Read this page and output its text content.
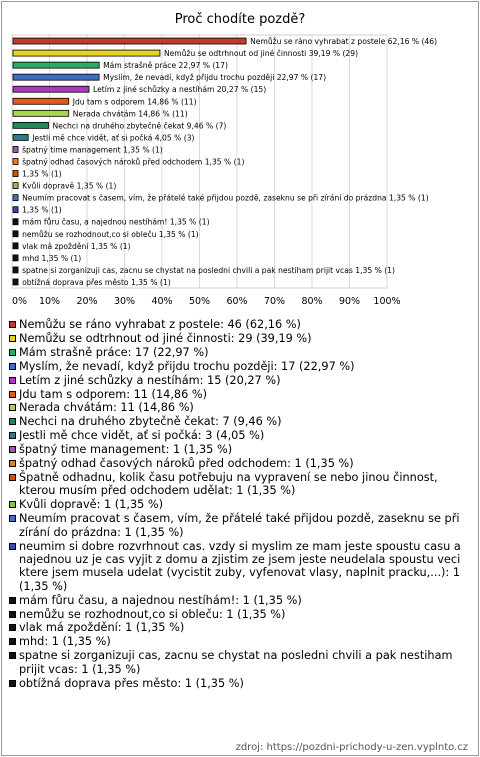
Proč chodíte pozdě?
0% 10% 20% 30% 40% 50% 60% 70% 80% 90% 100%
Nemůžu se ráno vyhrabat z postele 62,16 % (46)
Nemůžu se odtrhnout od jiné činnosti 39,19 % (29)
Mám strašně práce 22,97 % (17)
Myslím, že nevadí, když přijdu trochu později 22,97 % (17)
Letím z jiné schůzky a nestíhám 20,27 % (15)
Jdu tam s odporem 14,86 % (11)
Nerada chvátám 14,86 % (11)
Nechci na druhého zbytečně čekat 9,46 % (7)
Jestli mě chce vidět, ať si počká 4,05 % (3)
špatný time management 1,35 % (1)
špatný odhad časových nároků před odchodem 1,35 % (1)
1,35 % (1)
Kvůli dopravě 1,35 % (1)
Neumím pracovat s časem, vím, že přátelé také přijdou pozdě, zaseknu se při zírání do prázdna 1,35 % (1)
1,35 % (1)
mám fůru času, a najednou nestíhám! 1,35 % (1)
nemůžu se rozhodnout,co si obleču 1,35 % (1)
vlak má zpoždění 1,35 % (1)
mhd 1,35 % (1)
spatne si zorganizuji cas, zacnu se chystat na posledni chvili a pak nestiham prijit vcas 1,35 % (1)
obtížná doprava přes město 1,35 % (1)
Nemůžu se ráno vyhrabat z postele: 46 (62,16 %)
Nemůžu se odtrhnout od jiné činnosti: 29 (39,19 %)
Mám strašně práce: 17 (22,97 %)
Myslím, že nevadí, když přijdu trochu později: 17 (22,97 %)
Letím z jiné schůzky a nestíhám: 15 (20,27 %)
Jdu tam s odporem: 11 (14,86 %)
Nerada chvátám: 11 (14,86 %)
Nechci na druhého zbytečně čekat: 7 (9,46 %)
Jestli mě chce vidět, ať si počká: 3 (4,05 %)
špatný time management: 1 (1,35 %)
špatný odhad časových nároků před odchodem: 1 (1,35 %)
Špatně odhadnu, kolik času potřebuju na vypravení se nebo jinou činnost, kterou musím před odchodem udělat: 1 (1,35 %)
Kvůli dopravě: 1 (1,35 %)
Neumím pracovat s časem, vím, že přátelé také přijdou pozdě, zaseknu se při zírání do prázdna: 1 (1,35 %)
neumim si dobre rozvrhnout cas. vzdy si myslim ze mam jeste spoustu casu a najednou uz je cas vyjit z domu a zjistim ze jsem jeste neudelala spoustu veci ktere jsem musela udelat (vycistit zuby, vyfenovat vlasy, naplnit pracku,...): 1 (1,35 %)
mám fůru času, a najednou nestíhám!: 1 (1,35 %)
nemůžu se rozhodnout,co si obleču: 1 (1,35 %)
vlak má zpoždění: 1 (1,35 %)
mhd: 1 (1,35 %)
spatne si zorganizuji cas, zacnu se chystat na posledni chvili a pak nestiham prijit vcas: 1 (1,35 %)
obtížná doprava přes město: 1 (1,35 %)
zdroj: https://pozdni-prichody-u-zen.vyplnto.cz
